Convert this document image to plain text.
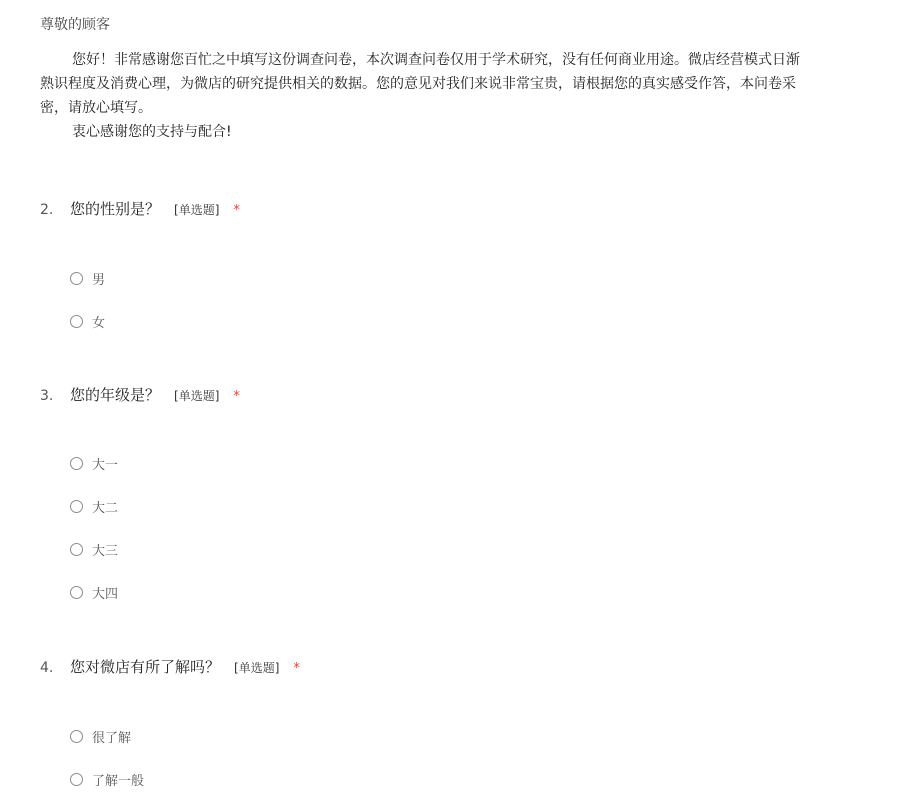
尊敬的顾客
您好！非常感谢您百忙之中填写这份调查问卷，本次调查问卷仅用于学术研究，没有任何商业用途。微店经营模式日渐
熟识程度及消费心理，为微店的研究提供相关的数据。您的意见对我们来说非常宝贵，请根据您的真实感受作答，本问卷采
密，请放心填写。
衷心感谢您的支持与配合!
2.	您的性别是？ [单选题] *
男
女
3.	您的年级是？ [单选题] *
大一
大二
大三
大四
4.	您对微店有所了解吗？ [单选题] *
很了解
了解一般
